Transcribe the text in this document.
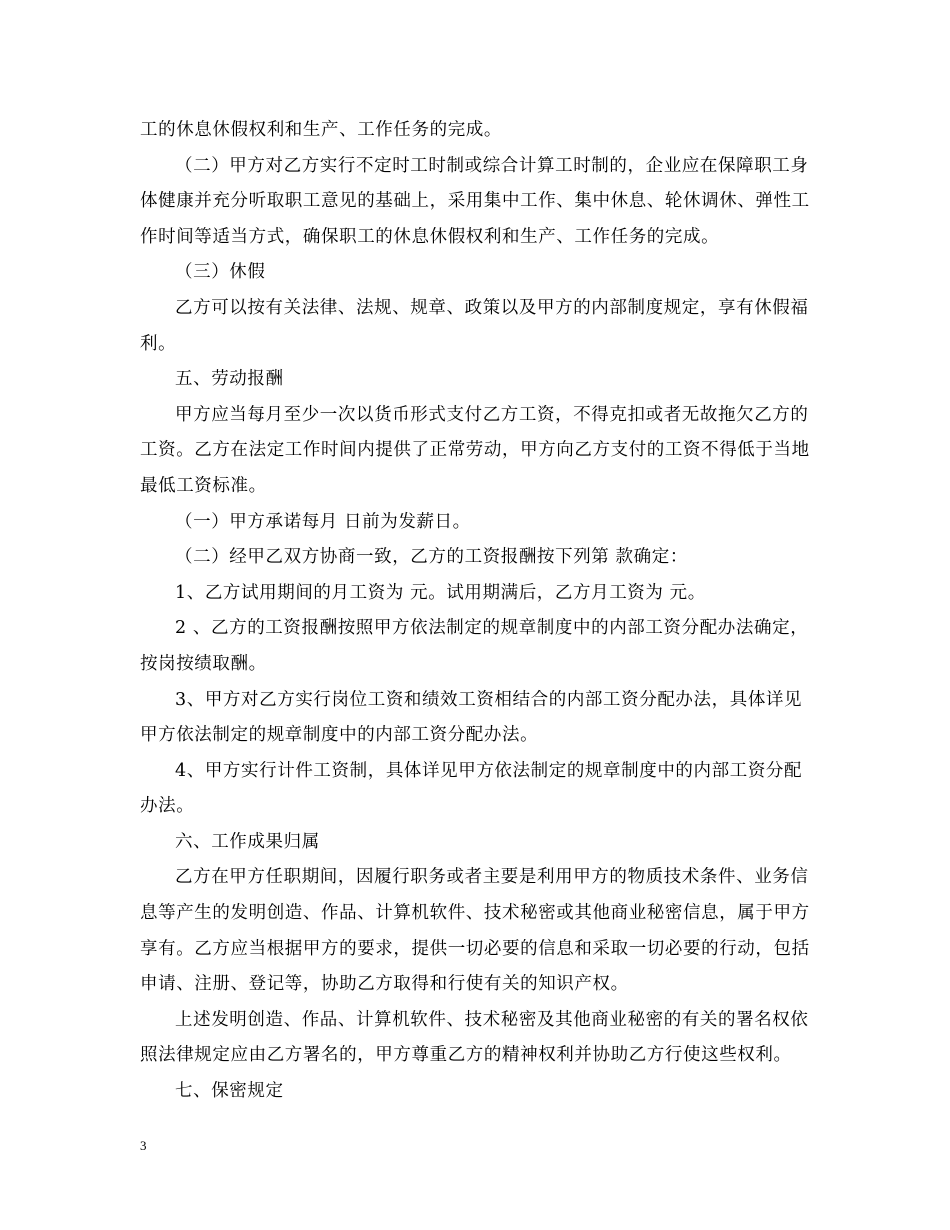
工的休息休假权利和生产、工作任务的完成。

（二）甲方对乙方实行不定时工时制或综合计算工时制的，企业应在保障职工身体健康并充分听取职工意见的基础上，采用集中工作、集中休息、轮休调休、弹性工作时间等适当方式，确保职工的休息休假权利和生产、工作任务的完成。

（三）休假

乙方可以按有关法律、法规、规章、政策以及甲方的内部制度规定，享有休假福利。

五、劳动报酬

甲方应当每月至少一次以货币形式支付乙方工资，不得克扣或者无故拖欠乙方的工资。乙方在法定工作时间内提供了正常劳动，甲方向乙方支付的工资不得低于当地最低工资标准。

（一）甲方承诺每月 日前为发薪日。

（二）经甲乙双方协商一致，乙方的工资报酬按下列第 款确定：

1、乙方试用期间的月工资为 元。试用期满后，乙方月工资为 元。

2 、乙方的工资报酬按照甲方依法制定的规章制度中的内部工资分配办法确定，按岗按绩取酬。

3、甲方对乙方实行岗位工资和绩效工资相结合的内部工资分配办法，具体详见甲方依法制定的规章制度中的内部工资分配办法。

4、甲方实行计件工资制，具体详见甲方依法制定的规章制度中的内部工资分配办法。

六、工作成果归属

乙方在甲方任职期间，因履行职务或者主要是利用甲方的物质技术条件、业务信息等产生的发明创造、作品、计算机软件、技术秘密或其他商业秘密信息，属于甲方享有。乙方应当根据甲方的要求，提供一切必要的信息和采取一切必要的行动，包括申请、注册、登记等，协助乙方取得和行使有关的知识产权。

上述发明创造、作品、计算机软件、技术秘密及其他商业秘密的有关的署名权依照法律规定应由乙方署名的，甲方尊重乙方的精神权利并协助乙方行使这些权利。

七、保密规定

3
